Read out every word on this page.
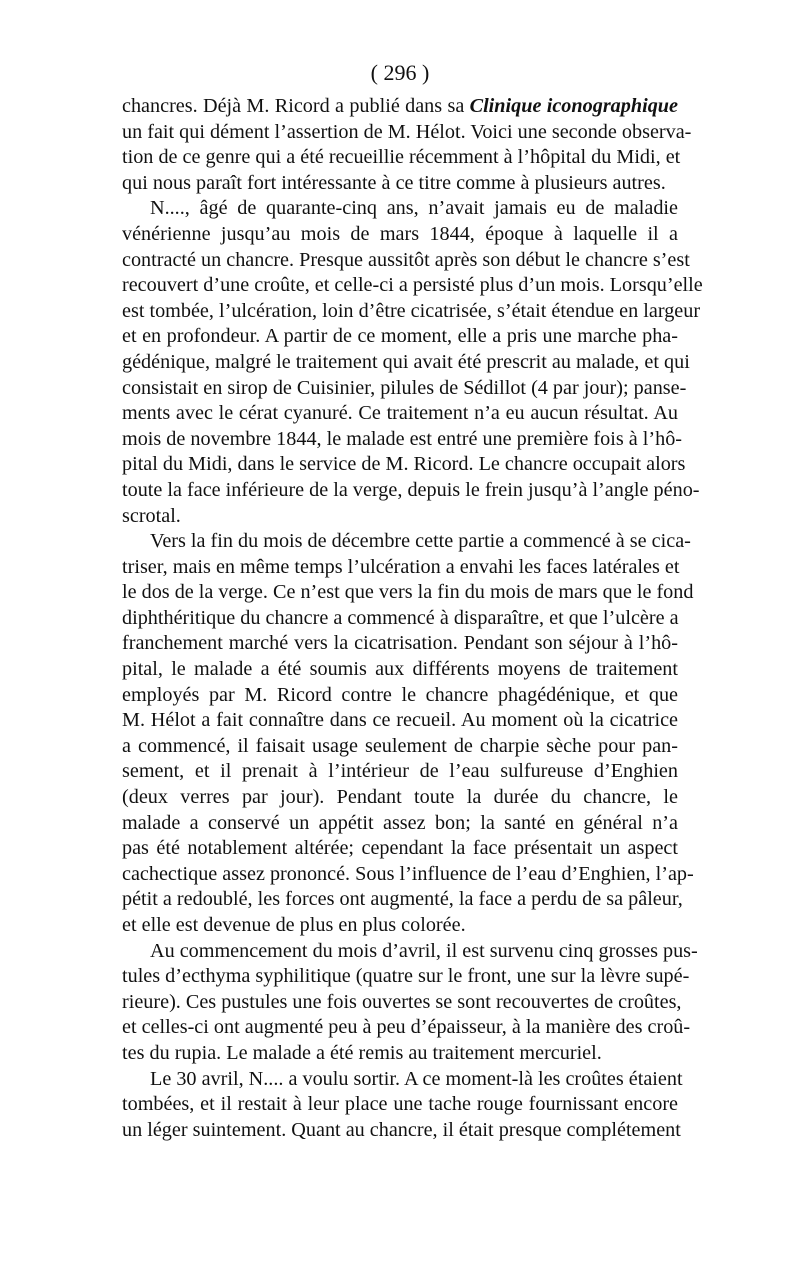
( 296 )
chancres. Déjà M. Ricord a publié dans sa Clinique iconographique
un fait qui dément l’assertion de M. Hélot. Voici une seconde observa-
tion de ce genre qui a été recueillie récemment à l’hôpital du Midi, et
qui nous paraît fort intéressante à ce titre comme à plusieurs autres.
N...., âgé de quarante-cinq ans, n’avait jamais eu de maladie
vénérienne jusqu’au mois de mars 1844, époque à laquelle il a
contracté un chancre. Presque aussitôt après son début le chancre s’est
recouvert d’une croûte, et celle-ci a persisté plus d’un mois. Lorsqu’elle
est tombée, l’ulcération, loin d’être cicatrisée, s’était étendue en largeur
et en profondeur. A partir de ce moment, elle a pris une marche pha-
gédénique, malgré le traitement qui avait été prescrit au malade, et qui
consistait en sirop de Cuisinier, pilules de Sédillot (4 par jour); panse-
ments avec le cérat cyanuré. Ce traitement n’a eu aucun résultat. Au
mois de novembre 1844, le malade est entré une première fois à l’hô-
pital du Midi, dans le service de M. Ricord. Le chancre occupait alors
toute la face inférieure de la verge, depuis le frein jusqu’à l’angle péno-
scrotal.
Vers la fin du mois de décembre cette partie a commencé à se cica-
triser, mais en même temps l’ulcération a envahi les faces latérales et
le dos de la verge. Ce n’est que vers la fin du mois de mars que le fond
diphthéritique du chancre a commencé à disparaître, et que l’ulcère a
franchement marché vers la cicatrisation. Pendant son séjour à l’hô-
pital, le malade a été soumis aux différents moyens de traitement
employés par M. Ricord contre le chancre phagédénique, et que
M. Hélot a fait connaître dans ce recueil. Au moment où la cicatrice
a commencé, il faisait usage seulement de charpie sèche pour pan-
sement, et il prenait à l’intérieur de l’eau sulfureuse d’Enghien
(deux verres par jour). Pendant toute la durée du chancre, le
malade a conservé un appétit assez bon; la santé en général n’a
pas été notablement altérée; cependant la face présentait un aspect
cachectique assez prononcé. Sous l’influence de l’eau d’Enghien, l’ap-
pétit a redoublé, les forces ont augmenté, la face a perdu de sa pâleur,
et elle est devenue de plus en plus colorée.
Au commencement du mois d’avril, il est survenu cinq grosses pus-
tules d’ecthyma syphilitique (quatre sur le front, une sur la lèvre supé-
rieure). Ces pustules une fois ouvertes se sont recouvertes de croûtes,
et celles-ci ont augmenté peu à peu d’épaisseur, à la manière des croû-
tes du rupia. Le malade a été remis au traitement mercuriel.
Le 30 avril, N.... a voulu sortir. A ce moment-là les croûtes étaient
tombées, et il restait à leur place une tache rouge fournissant encore
un léger suintement. Quant au chancre, il était presque complétement
